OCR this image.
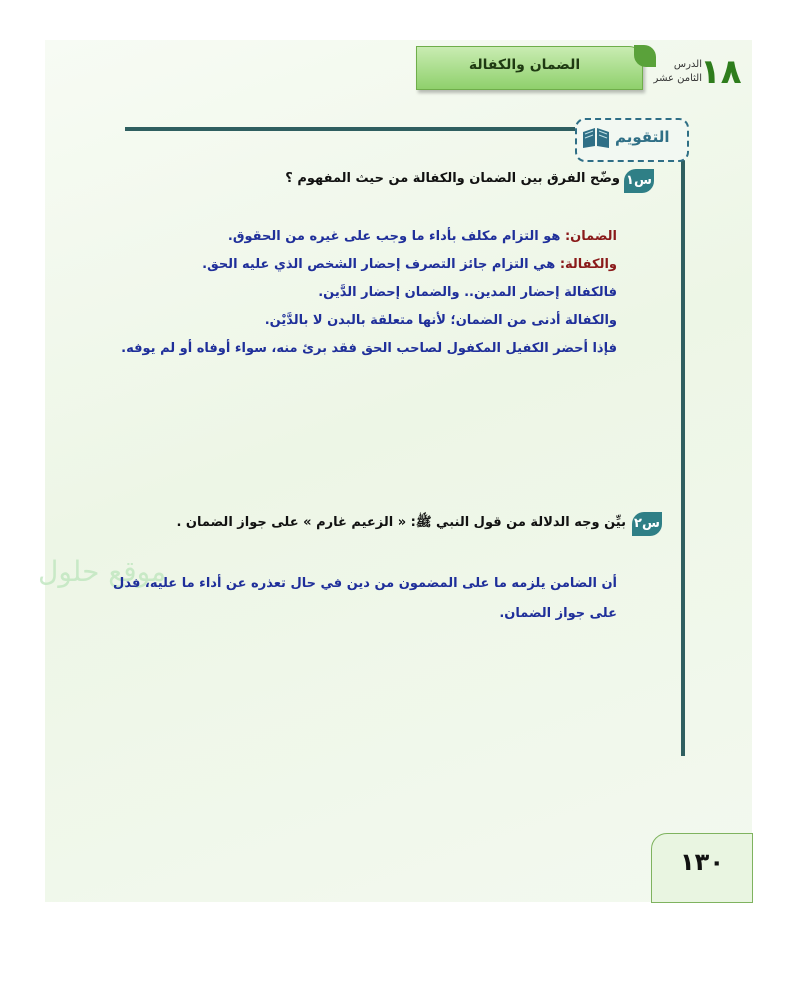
الضمان والكفالة	١٨
الدرس
الثامن عشر
التقويم
س١
وضّح الفرق بين الضمان والكفالة من حيث المفهوم ؟
الضمان: هو التزام مكلف بأداء ما وجب على غيره من الحقوق.
والكفالة: هي التزام جائز التصرف إحضار الشخص الذي عليه الحق.
فالكفالة إحضار المدين.. والضمان إحضار الدَّين.
والكفالة أدنى من الضمان؛ لأنها متعلقة بالبدن لا بالدَّيْن.
فإذا أحضر الكفيل المكفول لصاحب الحق فقد برئ منه، سواء أوفاه أو لم يوفه.
س٢
بيِّن وجه الدلالة من قول النبي ﷺ: « الزعيم غارم » على جواز الضمان .
موقع حلول
أن الضامن يلزمه ما على المضمون من دين في حال تعذره عن أداء ما عليه، فدل
على جواز الضمان.
١٣٠
